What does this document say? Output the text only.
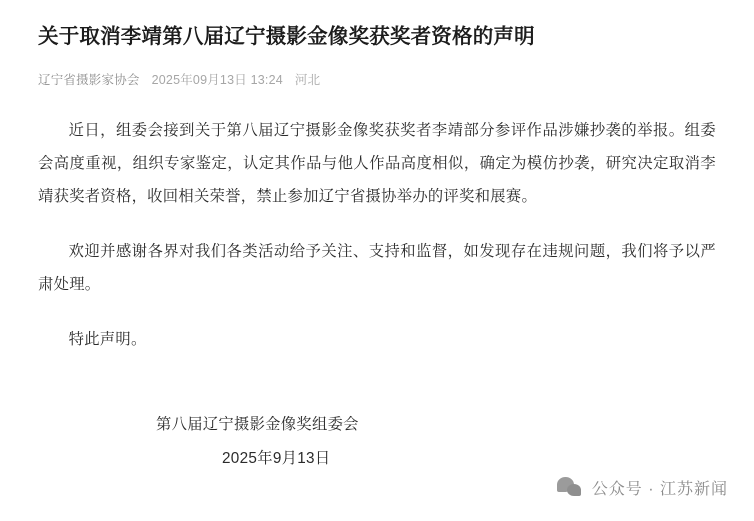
关于取消李靖第八届辽宁摄影金像奖获奖者资格的声明
辽宁省摄影家协会 2025年09月13日 13:24 河北

近日，组委会接到关于第八届辽宁摄影金像奖获奖者李靖部分参评作品涉嫌抄袭的举报。组委会高度重视，组织专家鉴定，认定其作品与他人作品高度相似，确定为模仿抄袭，研究决定取消李靖获奖者资格，收回相关荣誉，禁止参加辽宁省摄协举办的评奖和展赛。

欢迎并感谢各界对我们各类活动给予关注、支持和监督，如发现存在违规问题，我们将予以严肃处理。

特此声明。

第八届辽宁摄影金像奖组委会
2025年9月13日
公众号 · 江苏新闻
